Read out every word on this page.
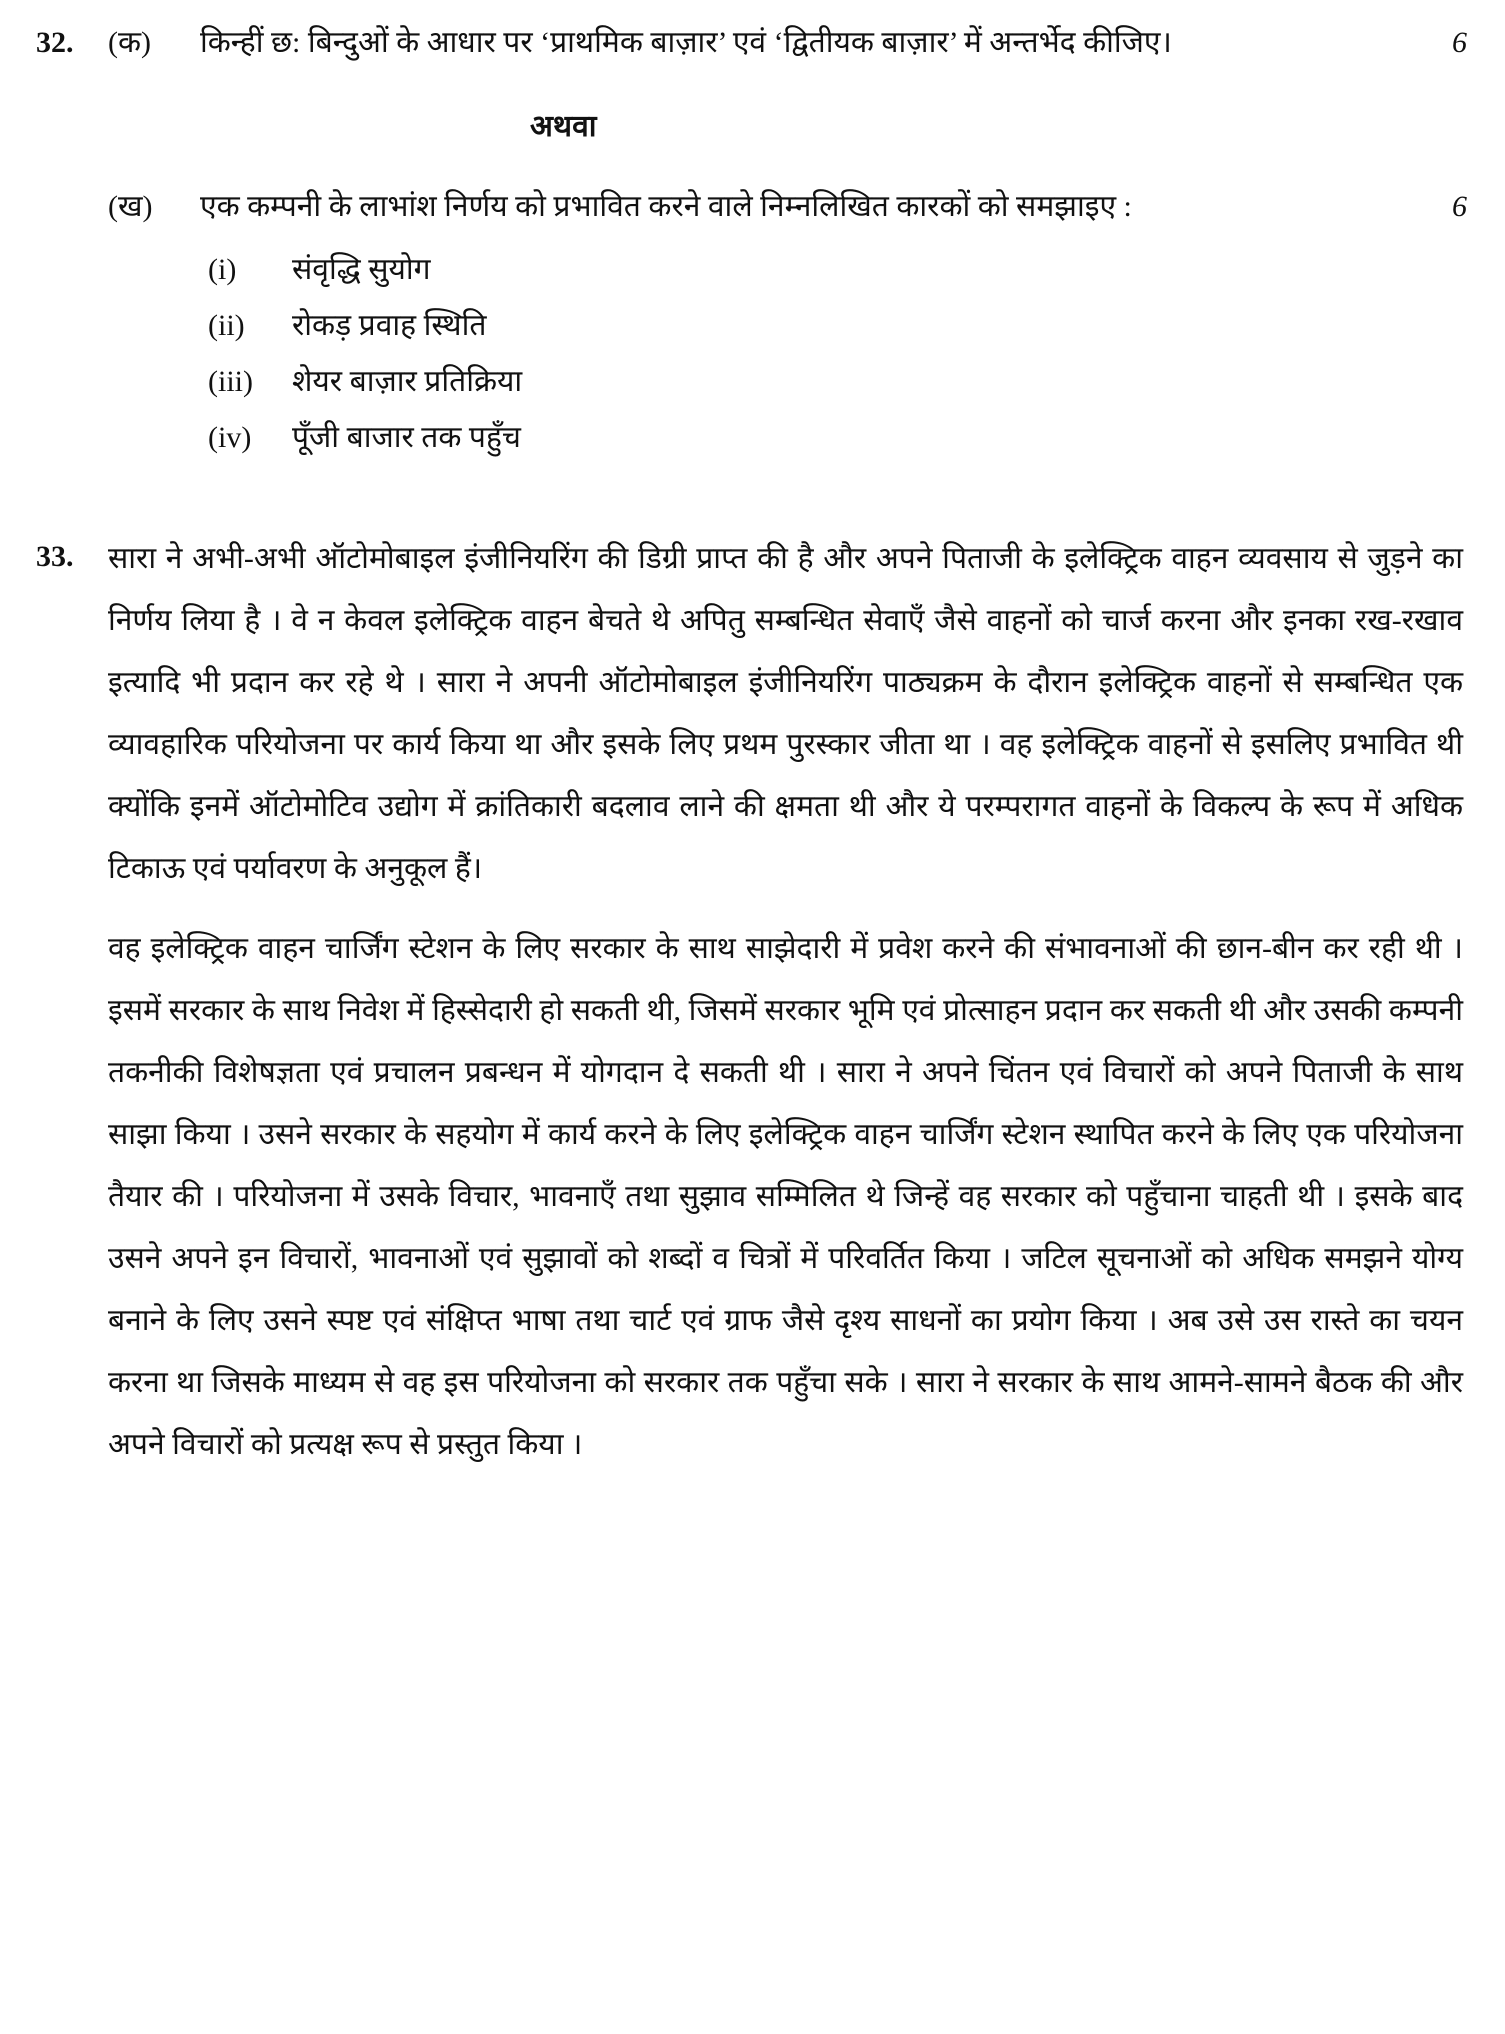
32.	(क)	किन्हीं छ: बिन्दुओं के आधार पर ‘प्राथमिक बाज़ार’ एवं ‘द्वितीयक बाज़ार’ में अन्तर्भेद कीजिए।	6
अथवा
(ख)	एक कम्पनी के लाभांश निर्णय को प्रभावित करने वाले निम्नलिखित कारकों को समझाइए :	6
(i)	संवृद्धि सुयोग
(ii)	रोकड़ प्रवाह स्थिति
(iii)	शेयर बाज़ार प्रतिक्रिया
(iv)	पूँजी बाजार तक पहुँच
33.	सारा ने अभी-अभी ऑटोमोबाइल इंजीनियरिंग की डिग्री प्राप्त की है और अपने पिताजी के इलेक्ट्रिक वाहन व्यवसाय से जुड़ने का निर्णय लिया है । वे न केवल इलेक्ट्रिक वाहन बेचते थे अपितु सम्बन्धित सेवाएँ जैसे वाहनों को चार्ज करना और इनका रख-रखाव इत्यादि भी प्रदान कर रहे थे । सारा ने अपनी ऑटोमोबाइल इंजीनियरिंग पाठ्यक्रम के दौरान इलेक्ट्रिक वाहनों से सम्बन्धित एक व्यावहारिक परियोजना पर कार्य किया था और इसके लिए प्रथम पुरस्कार जीता था । वह इलेक्ट्रिक वाहनों से इसलिए प्रभावित थी क्योंकि इनमें ऑटोमोटिव उद्योग में क्रांतिकारी बदलाव लाने की क्षमता थी और ये परम्परागत वाहनों के विकल्प के रूप में अधिक टिकाऊ एवं पर्यावरण के अनुकूल हैं।
वह इलेक्ट्रिक वाहन चार्जिंग स्टेशन के लिए सरकार के साथ साझेदारी में प्रवेश करने की संभावनाओं की छान-बीन कर रही थी । इसमें सरकार के साथ निवेश में हिस्सेदारी हो सकती थी, जिसमें सरकार भूमि एवं प्रोत्साहन प्रदान कर सकती थी और उसकी कम्पनी तकनीकी विशेषज्ञता एवं प्रचालन प्रबन्धन में योगदान दे सकती थी । सारा ने अपने चिंतन एवं विचारों को अपने पिताजी के साथ साझा किया । उसने सरकार के सहयोग में कार्य करने के लिए इलेक्ट्रिक वाहन चार्जिंग स्टेशन स्थापित करने के लिए एक परियोजना तैयार की । परियोजना में उसके विचार, भावनाएँ तथा सुझाव सम्मिलित थे जिन्हें वह सरकार को पहुँचाना चाहती थी । इसके बाद उसने अपने इन विचारों, भावनाओं एवं सुझावों को शब्दों व चित्रों में परिवर्तित किया । जटिल सूचनाओं को अधिक समझने योग्य बनाने के लिए उसने स्पष्ट एवं संक्षिप्त भाषा तथा चार्ट एवं ग्राफ जैसे दृश्य साधनों का प्रयोग किया । अब उसे उस रास्ते का चयन करना था जिसके माध्यम से वह इस परियोजना को सरकार तक पहुँचा सके । सारा ने सरकार के साथ आमने-सामने बैठक की और अपने विचारों को प्रत्यक्ष रूप से प्रस्तुत किया ।
